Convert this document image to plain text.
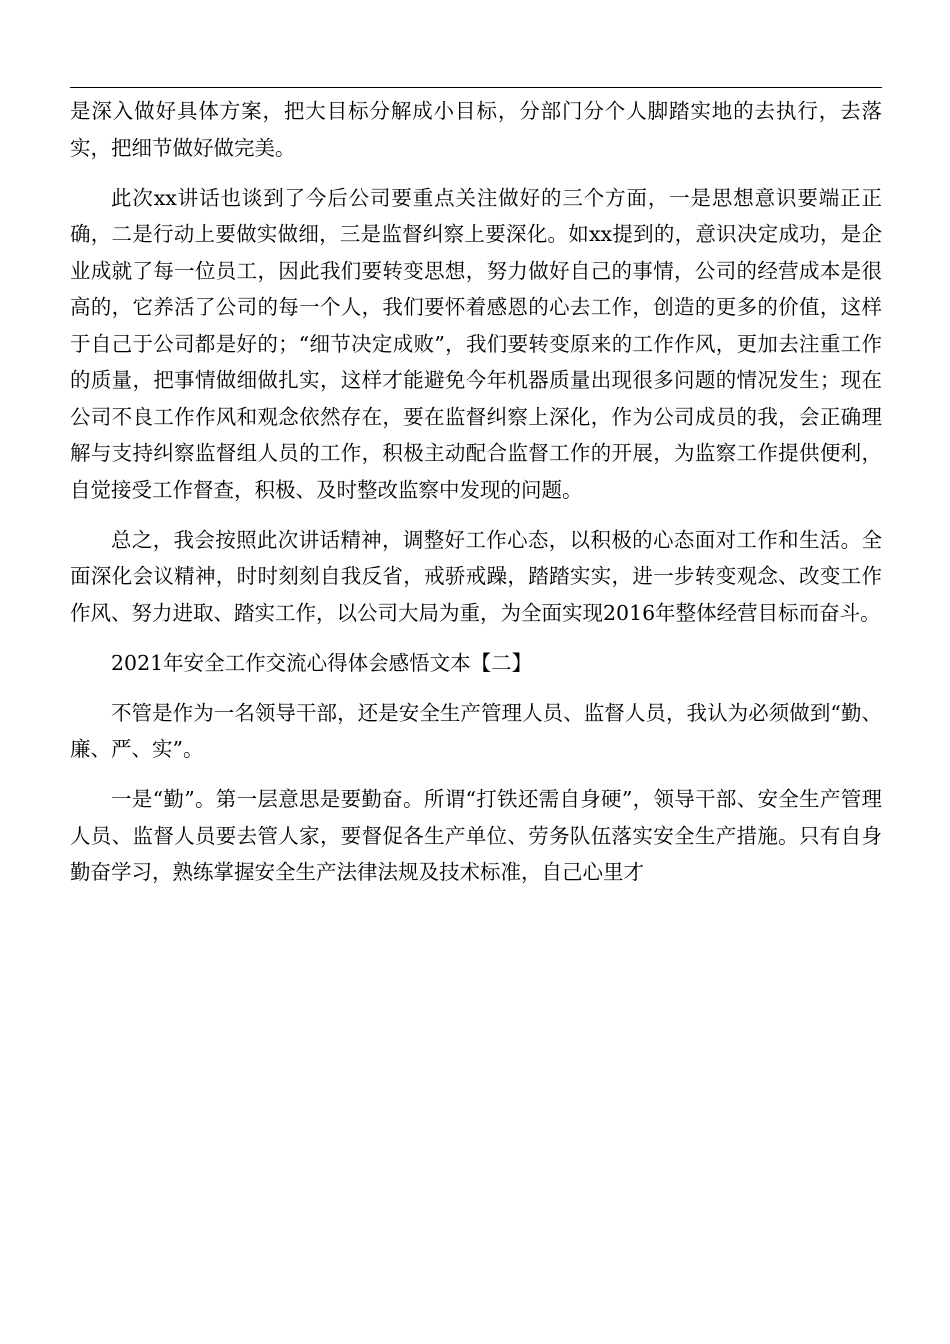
是深入做好具体方案，把大目标分解成小目标，分部门分个人脚踏实地的去执行，去落实，把细节做好做完美。

此次xx讲话也谈到了今后公司要重点关注做好的三个方面，一是思想意识要端正正确，二是行动上要做实做细，三是监督纠察上要深化。如xx提到的，意识决定成功，是企业成就了每一位员工，因此我们要转变思想，努力做好自己的事情，公司的经营成本是很高的，它养活了公司的每一个人，我们要怀着感恩的心去工作，创造的更多的价值，这样于自己于公司都是好的；“细节决定成败”，我们要转变原来的工作作风，更加去注重工作的质量，把事情做细做扎实，这样才能避免今年机器质量出现很多问题的情况发生；现在公司不良工作作风和观念依然存在，要在监督纠察上深化，作为公司成员的我，会正确理解与支持纠察监督组人员的工作，积极主动配合监督工作的开展，为监察工作提供便利，自觉接受工作督查，积极、及时整改监察中发现的问题。

总之，我会按照此次讲话精神，调整好工作心态，以积极的心态面对工作和生活。全面深化会议精神，时时刻刻自我反省，戒骄戒躁，踏踏实实，进一步转变观念、改变工作作风、努力进取、踏实工作，以公司大局为重，为全面实现2016年整体经营目标而奋斗。

2021年安全工作交流心得体会感悟文本【二】

不管是作为一名领导干部，还是安全生产管理人员、监督人员，我认为必须做到“勤、廉、严、实”。

一是“勤”。第一层意思是要勤奋。所谓“打铁还需自身硬”，领导干部、安全生产管理人员、监督人员要去管人家，要督促各生产单位、劳务队伍落实安全生产措施。只有自身勤奋学习，熟练掌握安全生产法律法规及技术标准，自己心里才
